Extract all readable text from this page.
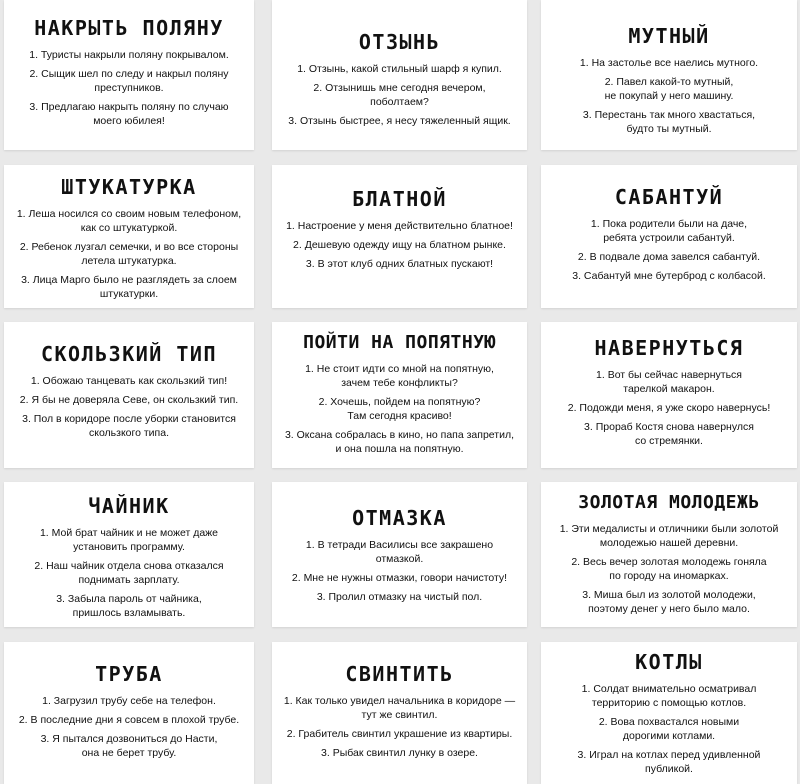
НАКРЫТЬ ПОЛЯНУ
1. Туристы накрыли поляну покрывалом.
2. Сыщик шел по следу и накрыл поляну
преступников.
3. Предлагаю накрыть поляну по случаю
моего юбилея!
ОТЗЫНЬ
1. Отзынь, какой стильный шарф я купил.
2. Отзынишь мне сегодня вечером,
поболтаем?
3. Отзынь быстрее, я несу тяжеленный ящик.
МУТНЫЙ
1. На застолье все наелись мутного.
2. Павел какой-то мутный,
не покупай у него машину.
3. Перестань так много хвастаться,
будто ты мутный.
ШТУКАТУРКА
1. Леша носился со своим новым телефоном,
как со штукатуркой.
2. Ребенок лузгал семечки, и во все стороны
летела штукатурка.
3. Лица Марго было не разглядеть за слоем
штукатурки.
БЛАТНОЙ
1. Настроение у меня действительно блатное!
2. Дешевую одежду ищу на блатном рынке.
3. В этот клуб одних блатных пускают!
САБАНТУЙ
1. Пока родители были на даче,
ребята устроили сабантуй.
2. В подвале дома завелся сабантуй.
3. Сабантуй мне бутерброд с колбасой.
СКОЛЬЗКИЙ ТИП
1. Обожаю танцевать как скользкий тип!
2. Я бы не доверяла Севе, он скользкий тип.
3. Пол в коридоре после уборки становится
скользкого типа.
ПОЙТИ НА ПОПЯТНУЮ
1. Не стоит идти со мной на попятную,
зачем тебе конфликты?
2. Хочешь, пойдем на попятную?
Там сегодня красиво!
3. Оксана собралась в кино, но папа запретил,
и она пошла на попятную.
НАВЕРНУТЬСЯ
1. Вот бы сейчас навернуться
тарелкой макарон.
2. Подожди меня, я уже скоро навернусь!
3. Прораб Костя снова навернулся
со стремянки.
ЧАЙНИК
1. Мой брат чайник и не может даже
установить программу.
2. Наш чайник отдела снова отказался
поднимать зарплату.
3. Забыла пароль от чайника,
пришлось взламывать.
ОТМАЗКА
1. В тетради Василисы все закрашено
отмазкой.
2. Мне не нужны отмазки, говори начистоту!
3. Пролил отмазку на чистый пол.
ЗОЛОТАЯ МОЛОДЕЖЬ
1. Эти медалисты и отличники были золотой
молодежью нашей деревни.
2. Весь вечер золотая молодежь гоняла
по городу на иномарках.
3. Миша был из золотой молодежи,
поэтому денег у него было мало.
ТРУБА
1. Загрузил трубу себе на телефон.
2. В последние дни я совсем в плохой трубе.
3. Я пытался дозвониться до Насти,
она не берет трубу.
СВИНТИТЬ
1. Как только увидел начальника в коридоре —
тут же свинтил.
2. Грабитель свинтил украшение из квартиры.
3. Рыбак свинтил лунку в озере.
КОТЛЫ
1. Солдат внимательно осматривал
территорию с помощью котлов.
2. Вова похвастался новыми
дорогими котлами.
3. Играл на котлах перед удивленной
публикой.
